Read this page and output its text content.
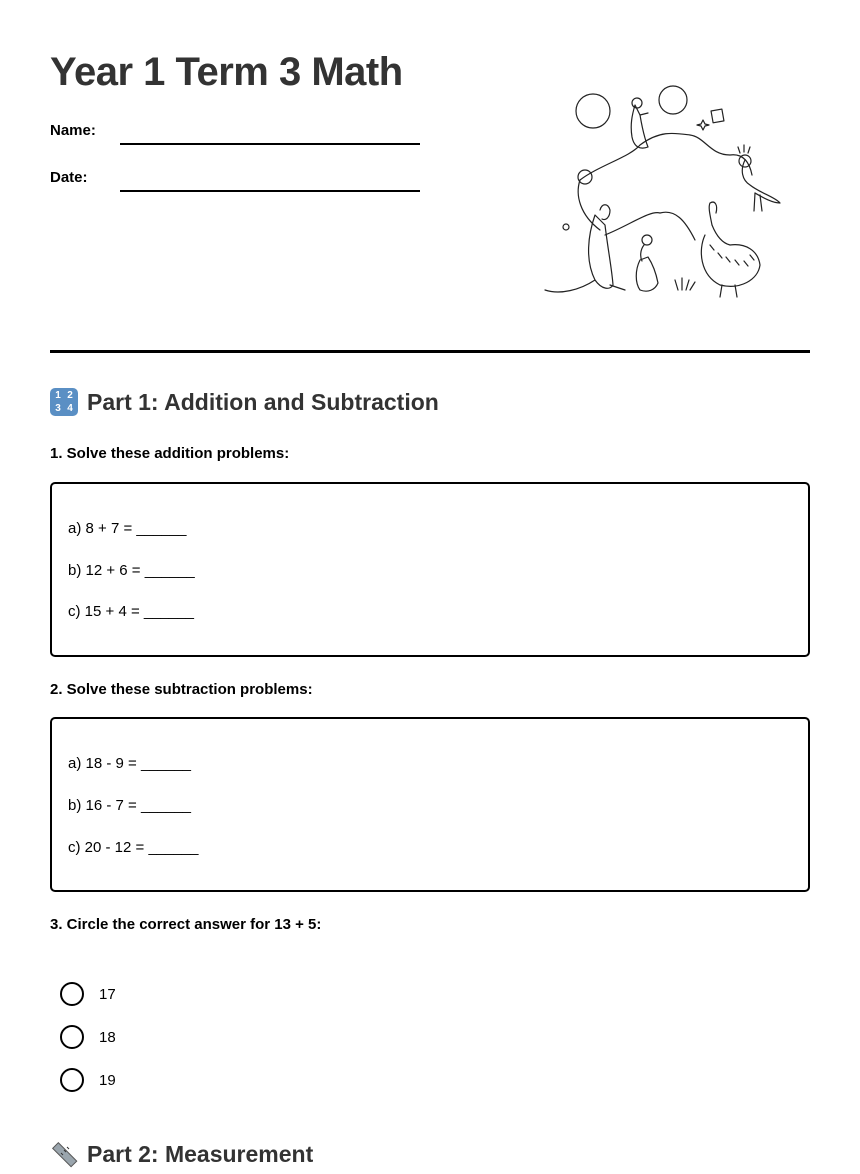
Year 1 Term 3 Math
Name:
Date:
1 2
3 4 Part 1: Addition and Subtraction

1. Solve these addition problems:

a) 8 + 7 = ______
b) 12 + 6 = ______
c) 15 + 4 = ______

2. Solve these subtraction problems:

a) 18 - 9 = ______
b) 16 - 7 = ______
c) 20 - 12 = ______

3. Circle the correct answer for 13 + 5:

17
18
19
Part 2: Measurement
